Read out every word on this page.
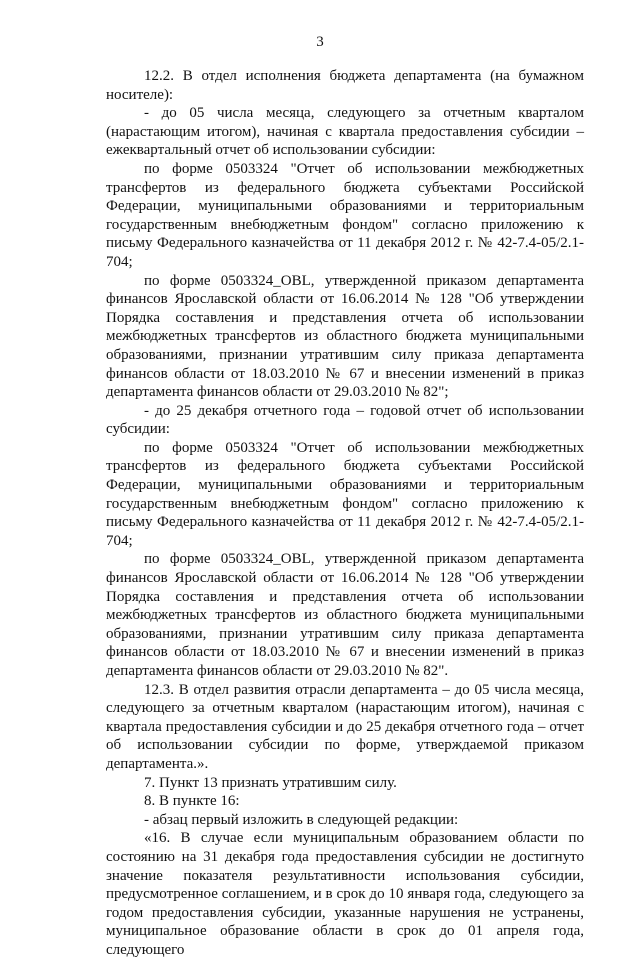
3

12.2. В отдел исполнения бюджета департамента (на бумажном носителе):

- до 05 числа месяца, следующего за отчетным кварталом (нарастающим итогом), начиная с квартала предоставления субсидии – ежеквартальный отчет об использовании субсидии:

по форме 0503324 "Отчет об использовании межбюджетных трансфертов из федерального бюджета субъектами Российской Федерации, муниципальными образованиями и территориальным государственным внебюджетным фондом" согласно приложению к письму Федерального казначейства от 11 декабря 2012 г. № 42-7.4-05/2.1-704;

по форме 0503324_OBL, утвержденной приказом департамента финансов Ярославской области от 16.06.2014 № 128 "Об утверждении Порядка составления и представления отчета об использовании межбюджетных трансфертов из областного бюджета муниципальными образованиями, признании утратившим силу приказа департамента финансов области от 18.03.2010 № 67 и внесении изменений в приказ департамента финансов области от 29.03.2010 № 82";

- до 25 декабря отчетного года – годовой отчет об использовании субсидии:

по форме 0503324 "Отчет об использовании межбюджетных трансфертов из федерального бюджета субъектами Российской Федерации, муниципальными образованиями и территориальным государственным внебюджетным фондом" согласно приложению к письму Федерального казначейства от 11 декабря 2012 г. № 42-7.4-05/2.1-704;

по форме 0503324_OBL, утвержденной приказом департамента финансов Ярославской области от 16.06.2014 № 128 "Об утверждении Порядка составления и представления отчета об использовании межбюджетных трансфертов из областного бюджета муниципальными образованиями, признании утратившим силу приказа департамента финансов области от 18.03.2010 № 67 и внесении изменений в приказ департамента финансов области от 29.03.2010 № 82".

12.3. В отдел развития отрасли департамента – до 05 числа месяца, следующего за отчетным кварталом (нарастающим итогом), начиная с квартала предоставления субсидии и до 25 декабря отчетного года – отчет об использовании субсидии по форме, утверждаемой приказом департамента.».

7. Пункт 13 признать утратившим силу.

8. В пункте 16:

- абзац первый изложить в следующей редакции:

«16. В случае если муниципальным образованием области по состоянию на 31 декабря года предоставления субсидии не достигнуто значение показателя результативности использования субсидии, предусмотренное соглашением, и в срок до 10 января года, следующего за годом предоставления субсидии, указанные нарушения не устранены, муниципальное образование области в срок до 01 апреля года, следующего
